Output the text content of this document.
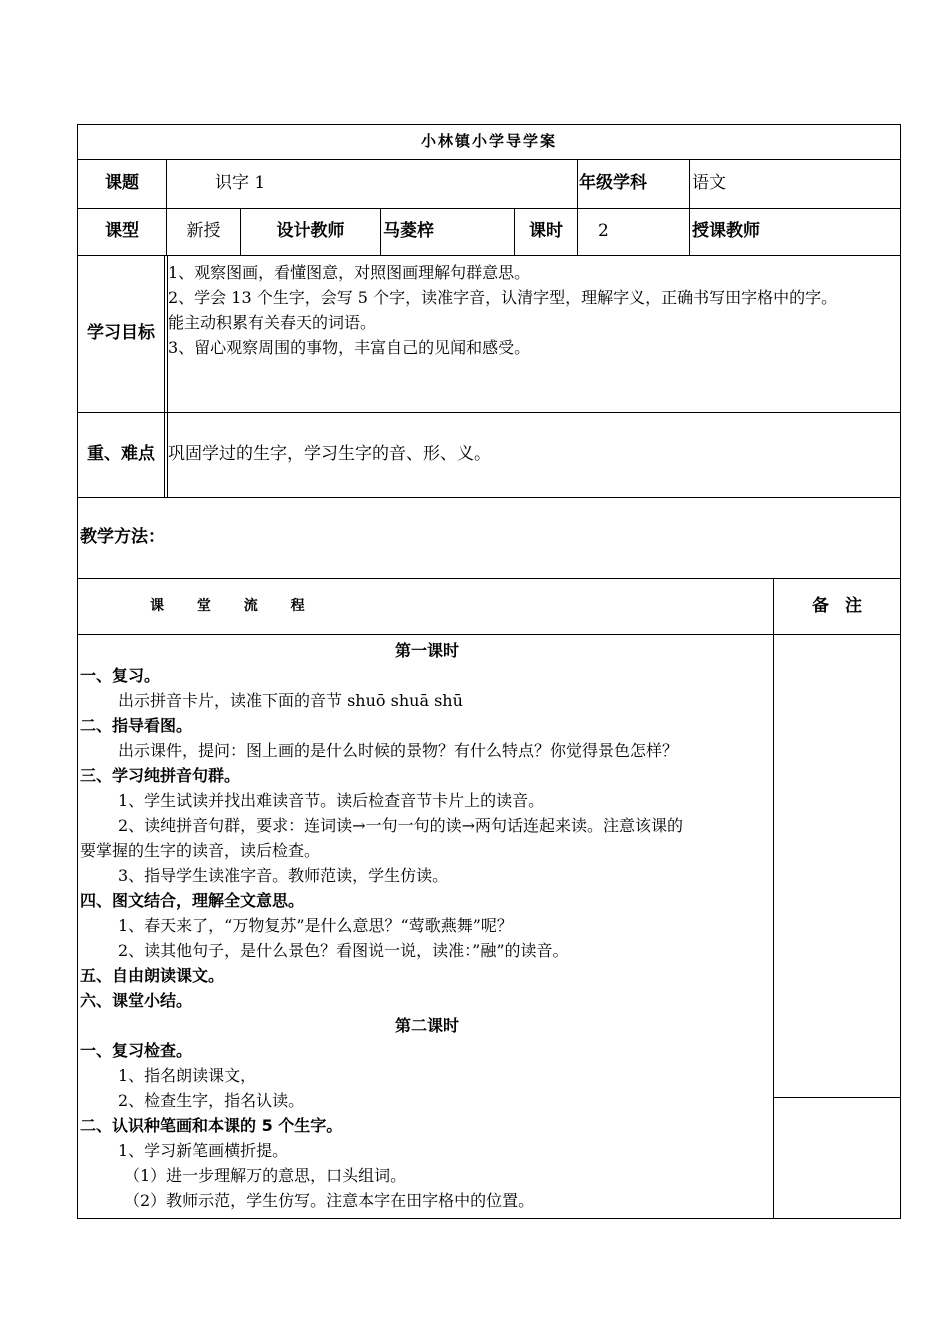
小林镇小学导学案
课题	识字 1	年级学科	语文
课型	新授	设计教师	马菱梓	课时	2	授课教师
学习目标
1、观察图画，看懂图意，对照图画理解句群意思。
2、学会 13 个生字，会写 5 个字，读准字音，认清字型，理解字义，正确书写田字格中的字。
能主动积累有关春天的词语。
3、留心观察周围的事物，丰富自己的见闻和感受。
重、难点 巩固学过的生字，学习生字的音、形、义。
教学方法：
课 堂 流 程	备 注
第一课时
一、复习。
出示拼音卡片，读准下面的音节 shuō shuā shū
二、指导看图。
出示课件，提问：图上画的是什么时候的景物？有什么特点？你觉得景色怎样？
三、学习纯拼音句群。
1、学生试读并找出难读音节。读后检查音节卡片上的读音。
2、读纯拼音句群，要求：连词读→一句一句的读→两句话连起来读。注意该课的
要掌握的生字的读音，读后检查。
3、指导学生读准字音。教师范读，学生仿读。
四、图文结合，理解全文意思。
1、春天来了，“万物复苏”是什么意思？“莺歌燕舞”呢？
2、读其他句子，是什么景色？看图说一说，读准：”融”的读音。
五、自由朗读课文。
六、课堂小结。
第二课时
一、复习检查。
1、指名朗读课文，
2、检查生字，指名认读。
二、认识种笔画和本课的 5 个生字。
1、学习新笔画横折提。
（1）进一步理解万的意思，口头组词。
（2）教师示范，学生仿写。注意本字在田字格中的位置。
